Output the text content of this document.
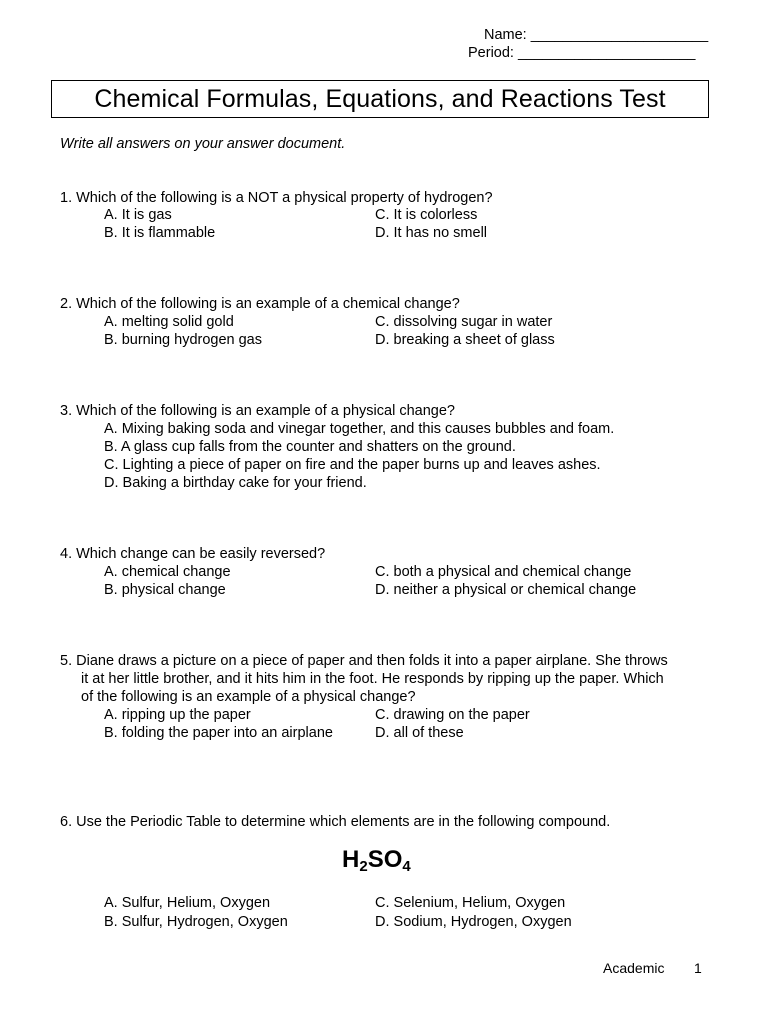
Name: ______________________
Period: ______________________
Chemical Formulas, Equations, and Reactions Test
Write all answers on your answer document.
1. Which of the following is a NOT a physical property of hydrogen?
A. It is gas	C. It is colorless
B. It is flammable	D. It has no smell
2. Which of the following is an example of a chemical change?
A. melting solid gold	C. dissolving sugar in water
B. burning hydrogen gas	D. breaking a sheet of glass
3. Which of the following is an example of a physical change?
A. Mixing baking soda and vinegar together, and this causes bubbles and foam.
B. A glass cup falls from the counter and shatters on the ground.
C. Lighting a piece of paper on fire and the paper burns up and leaves ashes.
D. Baking a birthday cake for your friend.
4. Which change can be easily reversed?
A. chemical change	C. both a physical and chemical change
B. physical change	D. neither a physical or chemical change
5. Diane draws a picture on a piece of paper and then folds it into a paper airplane. She throws
it at her little brother, and it hits him in the foot. He responds by ripping up the paper. Which
of the following is an example of a physical change?
A. ripping up the paper	C. drawing on the paper
B. folding the paper into an airplane	D. all of these
6. Use the Periodic Table to determine which elements are in the following compound.
$H_2SO_4$
A. Sulfur, Helium, Oxygen	C. Selenium, Helium, Oxygen
B. Sulfur, Hydrogen, Oxygen	D. Sodium, Hydrogen, Oxygen
Academic 1
